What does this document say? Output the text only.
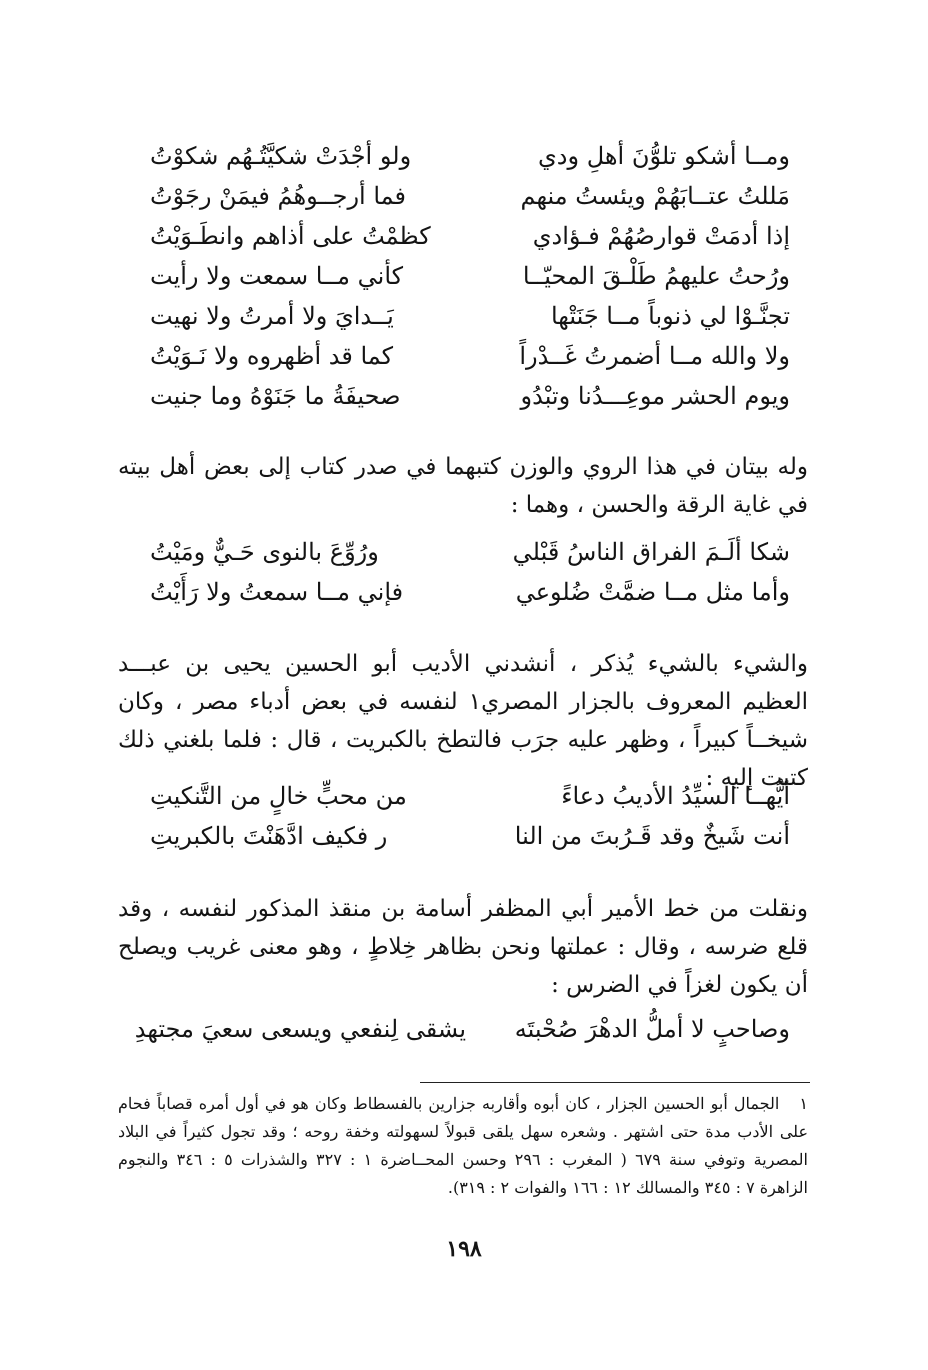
ومــا أشكو تلوُّنَ أهلِ ودي
ولو أجْدَتْ شكيَّتُـهُم شكوْتُ
مَللتُ عتــابَهُمْ ويئستُ منهم
فما أرجــوهُمُ فيمَنْ رجَوْتُ
إذا أدمَتْ قوارصُهُمْ فـؤادي
كظمْتُ على أذاهم وانطَـوَيْتُ
ورُحتُ عليهمُ طَلْـقَ المحيّــا
كأني مــا سمعت ولا رأيت
تجنَّـوْا لي ذنوباً مــا جَنَتْها
يَــدايَ ولا أمرتُ ولا نهيت
ولا والله مــا أضمرتُ غَــدْراً
كما قد أظهروه ولا نَـوَيْتُ
ويوم الحشر موعِـــدُنا وتبْدُو
صحيفَةُ ما جَنَوْهُ وما جنيت

وله بيتان في هذا الروي والوزن كتبهما في صدر كتاب إلى بعض أهل بيته في غاية الرقة والحسن ، وهما :

شكا ألَـمَ الفراق الناسُ قَبْلي
ورُوِّعَ بالنوى حَـيٌّ ومَيْتُ
وأما مثل مــا ضمَّتْ ضُلوعي
فإني مــا سمعتُ ولا رَأَيْتُ

والشيء بالشيء يُذكر ، أنشدني الأديب أبو الحسين يحيى بن عبـــد العظيم المعروف بالجزار المصري١ لنفسه في بعض أدباء مصر ، وكان شيخــاً كبيراً ، وظهر عليه جرَب فالتطخ بالكبريت ، قال : فلما بلغني ذلك كتبت إليه :

أيُّهــا السيِّدُ الأديبُ دعاءً
من محبٍّ خالٍ من التَّنكيتِ
أنت شَيخٌ وقد قَـرُبتَ من النا
ر فكيف ادَّهَنْتَ بالكبريتِ

ونقلت من خط الأمير أبي المظفر أسامة بن منقذ المذكور لنفسه ، وقد قلع ضرسه ، وقال : عملتها ونحن بظاهر خِلاطٍ ، وهو معنى غريب ويصلح أن يكون لغزاً في الضرس :

وصاحبٍ لا أملُّ الدهْرَ صُحْبتَه
يشقى لِنفعي ويسعى سعيَ مجتهدِ

١ الجمال أبو الحسين الجزار ، كان أبوه وأقاربه جزارين بالفسطاط وكان هو في أول أمره قصاباً فحام على الأدب مدة حتى اشتهر . وشعره سهل يلقى قبولاً لسهولته وخفة روحه ؛ وقد تجول كثيراً في البلاد المصرية وتوفي سنة ٦٧٩ ( المغرب : ٢٩٦ وحسن المحــاضرة ١ : ٣٢٧ والشذرات ٥ : ٣٤٦ والنجوم الزاهرة ٧ : ٣٤٥ والمسالك ١٢ : ١٦٦ والفوات ٢ : ٣١٩).

١٩٨
